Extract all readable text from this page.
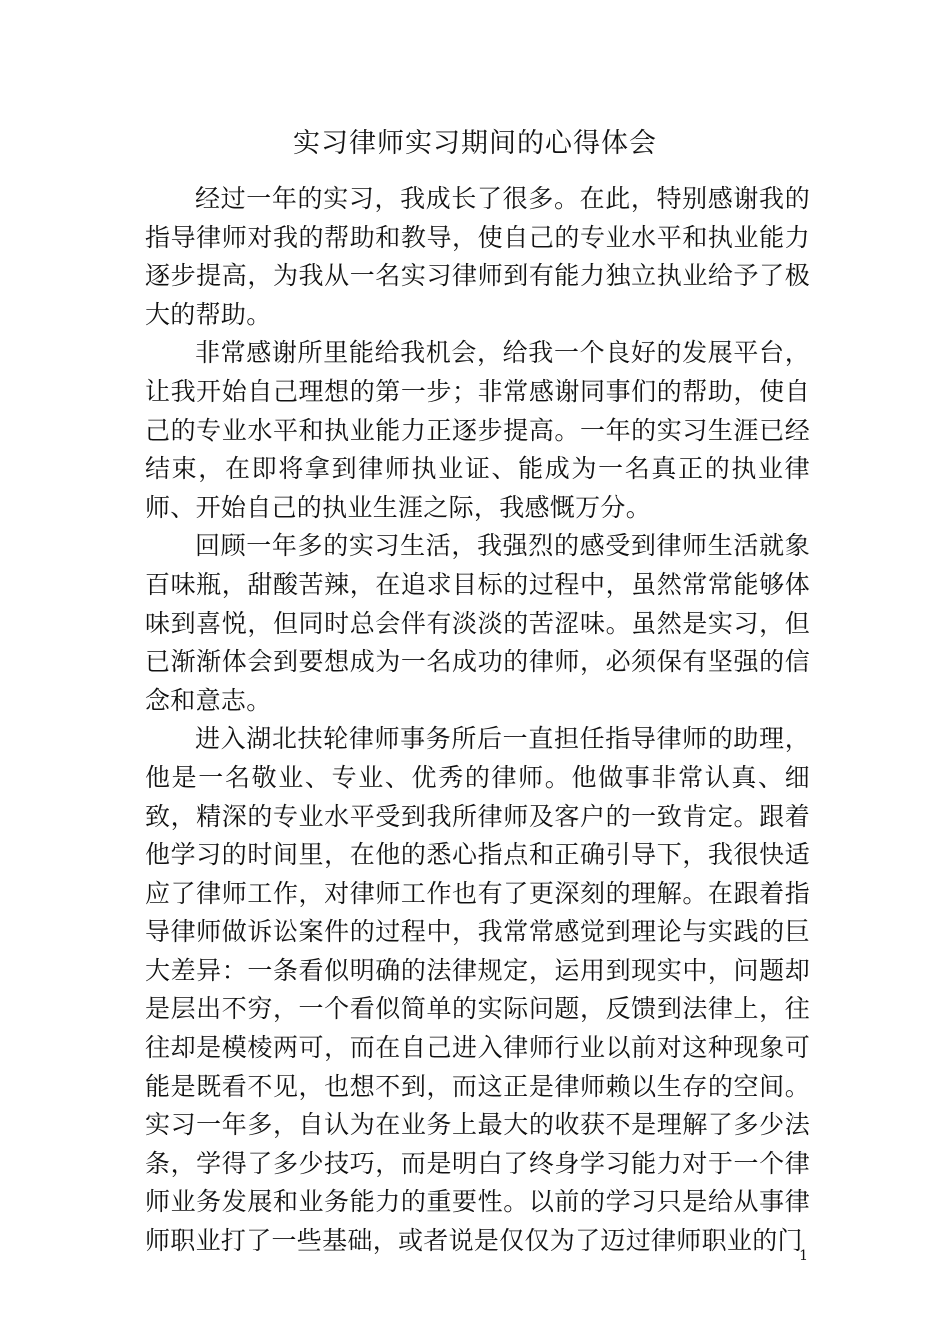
实习律师实习期间的心得体会

经过一年的实习，我成长了很多。在此，特别感谢我的指导律师对我的帮助和教导，使自己的专业水平和执业能力逐步提高，为我从一名实习律师到有能力独立执业给予了极大的帮助。

非常感谢所里能给我机会，给我一个良好的发展平台，让我开始自己理想的第一步；非常感谢同事们的帮助，使自己的专业水平和执业能力正逐步提高。一年的实习生涯已经结束，在即将拿到律师执业证、能成为一名真正的执业律师、开始自己的执业生涯之际，我感慨万分。

回顾一年多的实习生活，我强烈的感受到律师生活就象百味瓶，甜酸苦辣，在追求目标的过程中，虽然常常能够体味到喜悦，但同时总会伴有淡淡的苦涩味。虽然是实习，但已渐渐体会到要想成为一名成功的律师，必须保有坚强的信念和意志。

进入湖北扶轮律师事务所后一直担任指导律师的助理，他是一名敬业、专业、优秀的律师。他做事非常认真、细致，精深的专业水平受到我所律师及客户的一致肯定。跟着他学习的时间里，在他的悉心指点和正确引导下，我很快适应了律师工作，对律师工作也有了更深刻的理解。在跟着指导律师做诉讼案件的过程中，我常常感觉到理论与实践的巨大差异：一条看似明确的法律规定，运用到现实中，问题却是层出不穷，一个看似简单的实际问题，反馈到法律上，往往却是模棱两可，而在自己进入律师行业以前对这种现象可能是既看不见，也想不到，而这正是律师赖以生存的空间。实习一年多，自认为在业务上最大的收获不是理解了多少法条，学得了多少技巧，而是明白了终身学习能力对于一个律师业务发展和业务能力的重要性。以前的学习只是给从事律师职业打了一些基础，或者说是仅仅为了迈过律师职业的门

1
